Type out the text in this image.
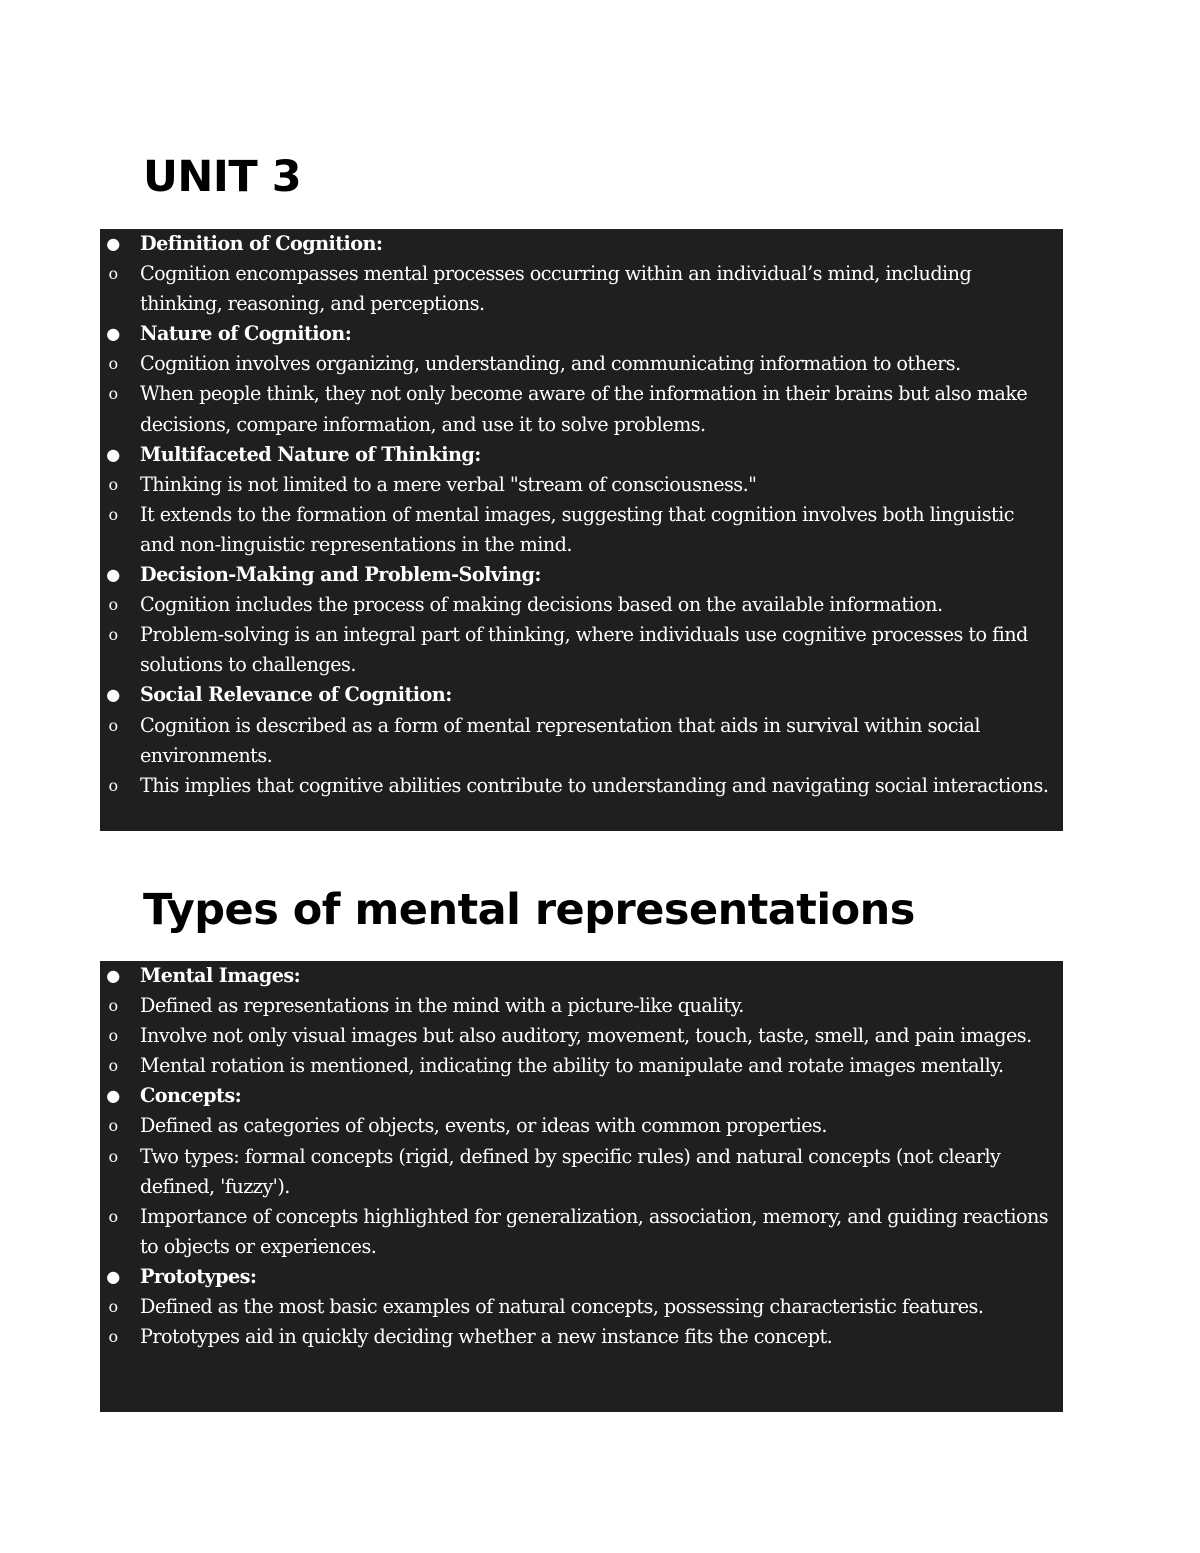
UNIT 3
● Definition of Cognition:
o Cognition encompasses mental processes occurring within an individual’s mind, including thinking, reasoning, and perceptions.
● Nature of Cognition:
o Cognition involves organizing, understanding, and communicating information to others.
o When people think, they not only become aware of the information in their brains but also make decisions, compare information, and use it to solve problems.
● Multifaceted Nature of Thinking:
o Thinking is not limited to a mere verbal "stream of consciousness."
o It extends to the formation of mental images, suggesting that cognition involves both linguistic and non-linguistic representations in the mind.
● Decision-Making and Problem-Solving:
o Cognition includes the process of making decisions based on the available information.
o Problem-solving is an integral part of thinking, where individuals use cognitive processes to find solutions to challenges.
● Social Relevance of Cognition:
o Cognition is described as a form of mental representation that aids in survival within social environments.
o This implies that cognitive abilities contribute to understanding and navigating social interactions.
Types of mental representations
● Mental Images:
o Defined as representations in the mind with a picture-like quality.
o Involve not only visual images but also auditory, movement, touch, taste, smell, and pain images.
o Mental rotation is mentioned, indicating the ability to manipulate and rotate images mentally.
● Concepts:
o Defined as categories of objects, events, or ideas with common properties.
o Two types: formal concepts (rigid, defined by specific rules) and natural concepts (not clearly defined, 'fuzzy').
o Importance of concepts highlighted for generalization, association, memory, and guiding reactions to objects or experiences.
● Prototypes:
o Defined as the most basic examples of natural concepts, possessing characteristic features.
o Prototypes aid in quickly deciding whether a new instance fits the concept.
